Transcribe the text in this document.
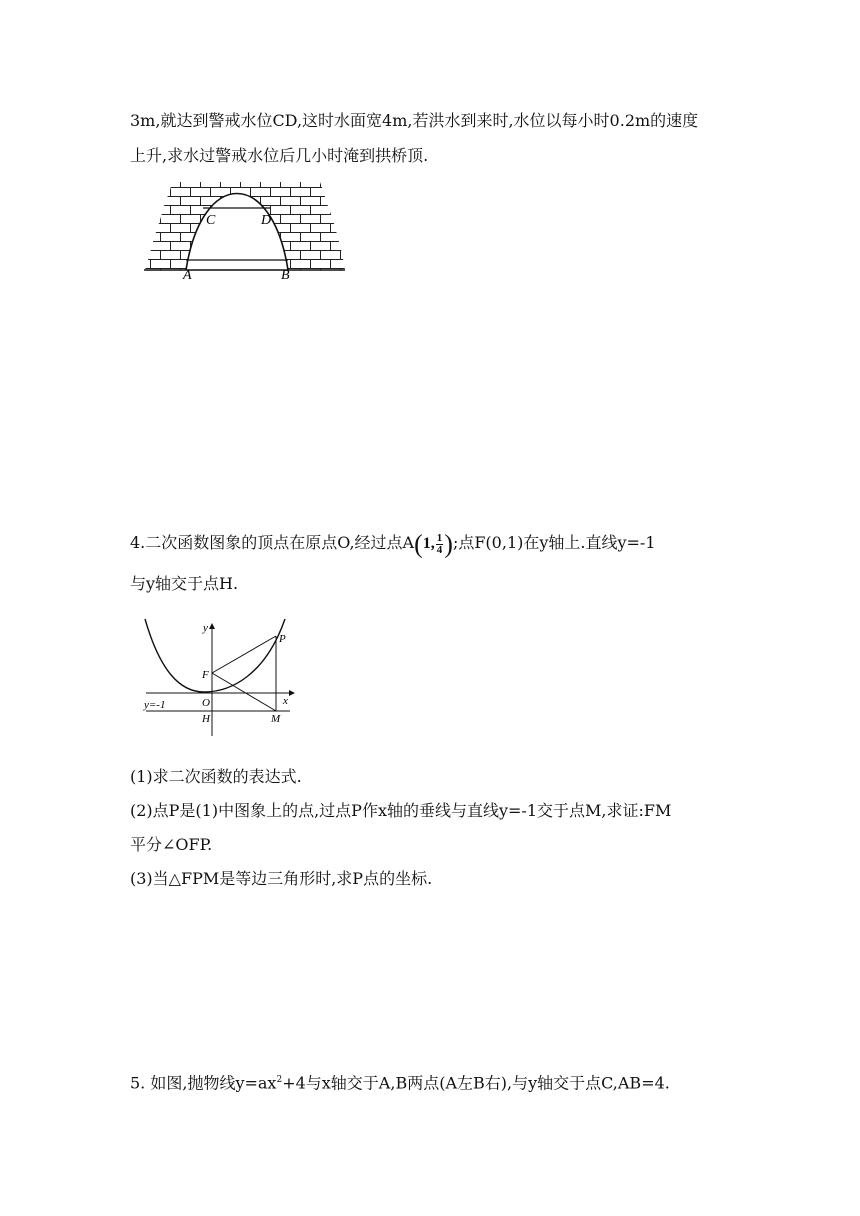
3m,就达到警戒水位CD,这时水面宽4m,若洪水到来时,水位以每小时0.2m的速度
上升,求水过警戒水位后几小时淹到拱桥顶.
C	D
A	B
4.二次函数图象的顶点在原点O,经过点A(1, $\frac{1}{4}$ );点F(0,1)在y轴上.直线y=-1
与y轴交于点H.
y
x
P
F
O
H	M
y=-1
(1)求二次函数的表达式.
(2)点P是(1)中图象上的点,过点P作x轴的垂线与直线y=-1交于点M,求证:FM
平分∠OFP.
(3)当△FPM是等边三角形时,求P点的坐标.
5. 如图,抛物线$y=ax^2+4$与x轴交于A,B两点(A左B右),与y轴交于点C,AB=4.
